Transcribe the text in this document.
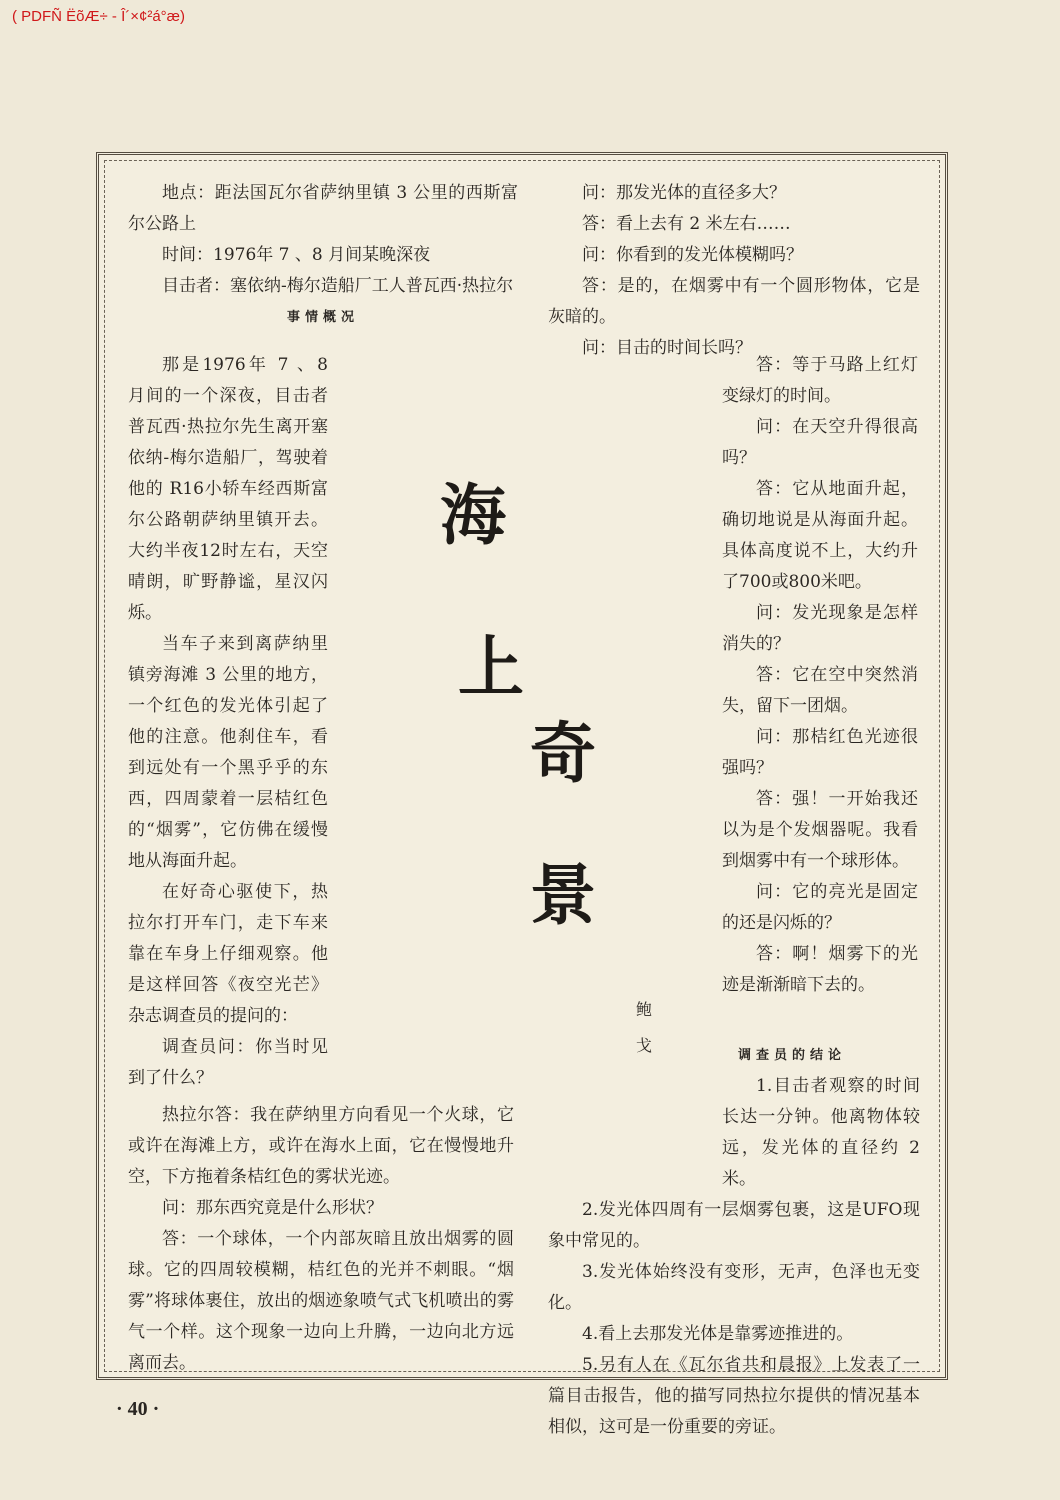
( PDFÑ ËõÆ÷ - Î´×¢²á°æ)

地点：距法国瓦尔省萨纳里镇 3 公里的西斯富尔公路上

时间：1976年 7 、8 月间某晚深夜

目击者：塞依纳-梅尔造船厂工人普瓦西·热拉尔

事情概况

那是1976年 7 、8 月间的一个深夜，目击者普瓦西·热拉尔先生离开塞依纳-梅尔造船厂，驾驶着他的 R16小轿车经西斯富尔公路朝萨纳里镇开去。大约半夜12时左右，天空晴朗，旷野静谧，星汉闪烁。

当车子来到离萨纳里镇旁海滩 3 公里的地方，一个红色的发光体引起了他的注意。他刹住车，看到远处有一个黑乎乎的东西，四周蒙着一层桔红色的“烟雾”，它仿佛在缓慢地从海面升起。

在好奇心驱使下，热拉尔打开车门，走下车来靠在车身上仔细观察。他是这样回答《夜空光芒》杂志调查员的提问的：

调查员问：你当时见到了什么？

热拉尔答：我在萨纳里方向看见一个火球，它或许在海滩上方，或许在海水上面，它在慢慢地升空，下方拖着条桔红色的雾状光迹。

问：那东西究竟是什么形状？

答：一个球体，一个内部灰暗且放出烟雾的圆球。它的四周较模糊，桔红色的光并不刺眼。“烟雾”将球体裹住，放出的烟迹象喷气式飞机喷出的雾气一个样。这个现象一边向上升腾，一边向北方远离而去。

海
上
奇
景
鲍
戈

问：那发光体的直径多大？

答：看上去有 2 米左右……

问：你看到的发光体模糊吗？

答：是的，在烟雾中有一个圆形物体，它是灰暗的。

问：目击的时间长吗？

答：等于马路上红灯变绿灯的时间。

问：在天空升得很高吗？

答：它从地面升起，确切地说是从海面升起。具体高度说不上，大约升了700或800米吧。

问：发光现象是怎样消失的？

答：它在空中突然消失，留下一团烟。

问：那桔红色光迹很强吗？

答：强！一开始我还以为是个发烟器呢。我看到烟雾中有一个球形体。

问：它的亮光是固定的还是闪烁的？

答：啊！烟雾下的光迹是渐渐暗下去的。

调查员的结论

1.目击者观察的时间长达一分钟。他离物体较远，发光体的直径约 2 米。

2.发光体四周有一层烟雾包裹，这是UFO现象中常见的。

3.发光体始终没有变形，无声，色泽也无变化。

4.看上去那发光体是靠雾迹推进的。

5.另有人在《瓦尔省共和晨报》上发表了一篇目击报告，他的描写同热拉尔提供的情况基本相似，这可是一份重要的旁证。

· 40 ·
